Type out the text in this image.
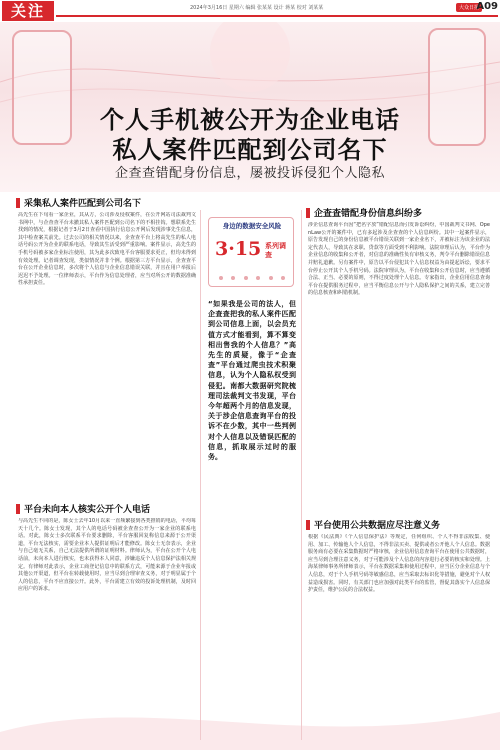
关注	2024年3月16日 星期六 编辑 张某某 设计 蒋某 校对 刘某某	大众日报
A09
个人手机被公开为企业电话
私人案件匹配到公司名下
企查查错配身份信息，屡被投诉侵犯个人隐私
采集私人案件匹配到公司名下
高先生在下旬看一家企业，其从方，公司涉及侵权案件，在公开网站司法裁判文书网中，与企查查平台未撤其私人案件匹配到公司名下的不相挂钩。想联系先生找到的情况，根据记者于3月2日查看中国执行信息公开网后发现涉事先生信息，其中检查案关前先。过去公司的相关情况以来，企查查平台上将高先生的私人电话号码公开为企业的联系电话，导致其生活受到严重影响。案件显示，高先生的手机号码被多家企业标注使用，其为此多次致电平台客服要求更正，但均未得到有效处理。记者调查发现，类似情况并非个例。根据第三方平台显示，企查查平台在公开企业信息时，多次将个人信息与企业信息错误关联，并且在用户举报后迟迟不予处理。一位律师表示，平台作为信息处理者，应当对所公开的数据准确性承担责任。
平台未向本人核实公开个人电话
与高先生不同的是，陈女士去年10月以来一直频繁接到各类推销的电话，平均每天十几个。陈女士发现，其个人的电话号码被企查查公开为一家企业的联系电话。对此，陈女士多次联系平台要求删除，平台客服回复称信息来源于公开渠道，平台无法核实，需要企业本人提供证明后才能修改。陈女士无奈表示，企业与自己毫无关系，自己无法提供所谓的证明材料。律师认为，平台在公开个人电话前，未向本人进行核实，也未获得本人同意，涉嫌违反个人信息保护法相关规定。有律师对此表示，企业工商登记信息中的联系方式，可能来源于企业年报或其他公开渠道，但平台在转载使用时，应当尽到合理审查义务，对于明显属于个人的信息，平台不应直接公开。此外，平台需建立有效的投诉处理机制，及时回应用户的诉求。
身边的数据安全风险
3·15 系列调查
“如果我是公司的法人，但企查查把我的私人案件匹配到公司信息上面，以会员充值方式才能看到，算不算变相出售我的个人信息？”高先生的质疑，像于“企查查”平台通过爬虫技术积聚信息，认为个人隐私权受到侵犯。南都大数据研究院梳理司法裁判文书发现，平台今年超两个月的信息发现，关于涉企信息查询平台的投诉不在少数，其中一些判例对个人信息以及错误匹配的信息，抓取展示过时的服务。
企查查错配身份信息纠纷多
涉企信息查询平台因“把名字放”错配信息而引发诉讼纠纷，中国裁判文书网、OpenLaw公开的案件中，已有多起涉及企查查的个人信息纠纷。其中一起案件显示，原告发现自己的身份信息被平台错误关联到一家企业名下，并被标注为该企业的法定代表人，导致其在求职、贷款等方面受到不利影响。法院审理后认为，平台作为企业信息的收集和公开者，对信息的准确性负有审核义务，判令平台删除错误信息并赔礼道歉。另有案件中，原告以平台侵犯其个人信息权益为由提起诉讼，要求平台停止公开其个人手机号码。法院审理认为，平台在收集和公开信息时，应当遵循合法、正当、必要的原则，不得过度处理个人信息。专家指出，企业信用信息查询平台在提供服务过程中，应当平衡信息公开与个人隐私保护之间的关系，建立完善的信息核查和纠错机制。
平台使用公共数据应尽注意义务
根据《民法典》《个人信息保护法》等规定，任何组织、个人不得非法收集、使用、加工、传输他人个人信息，不得非法买卖、提供或者公开他人个人信息。数据服务商有必要在采集数据时严格审核，企业信用信息查询平台在使用公共数据时，应当尽到合理注意义务，对于可能涉及个人信息的内容进行必要的核实和处理。上海某律师事务所律师表示，平台在数据采集和使用过程中，应当区分企业信息与个人信息，对于个人手机号码等敏感信息，应当采取去标识化等措施，避免对个人权益造成损害。同时，有关部门也应加强对此类平台的监管，督促其落实个人信息保护责任，维护公民的合法权益。
